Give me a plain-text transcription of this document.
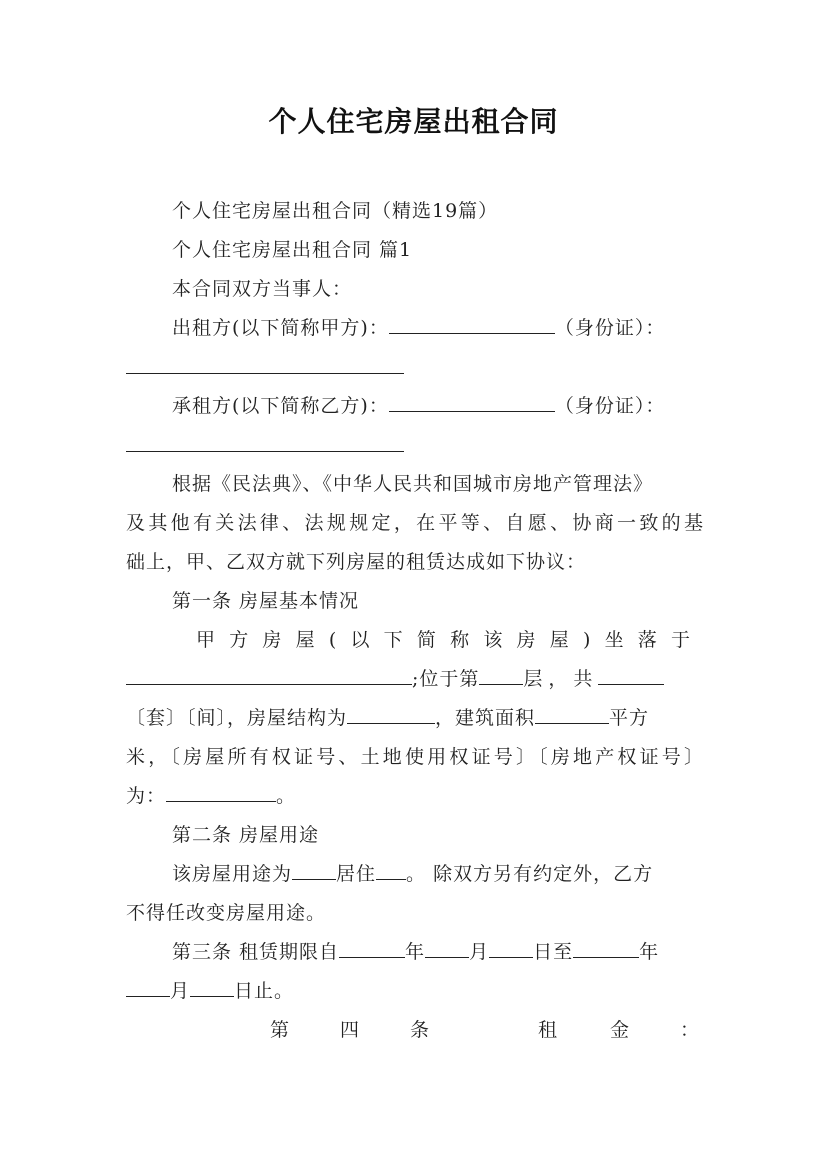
个人住宅房屋出租合同
个人住宅房屋出租合同（精选19篇）
个人住宅房屋出租合同 篇1
本合同双方当事人：
出租方(以下简称甲方)：	（身份证）：
承租方(以下简称乙方)：	（身份证）：
根据《民法典》、《中华人民共和国城市房地产管理法》
及其他有关法律、法规规定，在平等、自愿、协商一致的基
础上，甲、乙双方就下列房屋的租赁达成如下协议：
第一条 房屋基本情况
甲方房屋(以下简称该房屋)坐落于
;位于第 层，共
〔套〕〔间〕，房屋结构为	，建筑面积	平方
米，〔房屋所有权证号、土地使用权证号〕〔房地产权证号〕
为：	。
第二条 房屋用途
该房屋用途为 居住 。 除双方另有约定外，乙方
不得任改变房屋用途。
第三条 租赁期限自	年 月 日至	年
月 日止。
第	四	条	租	金	：
